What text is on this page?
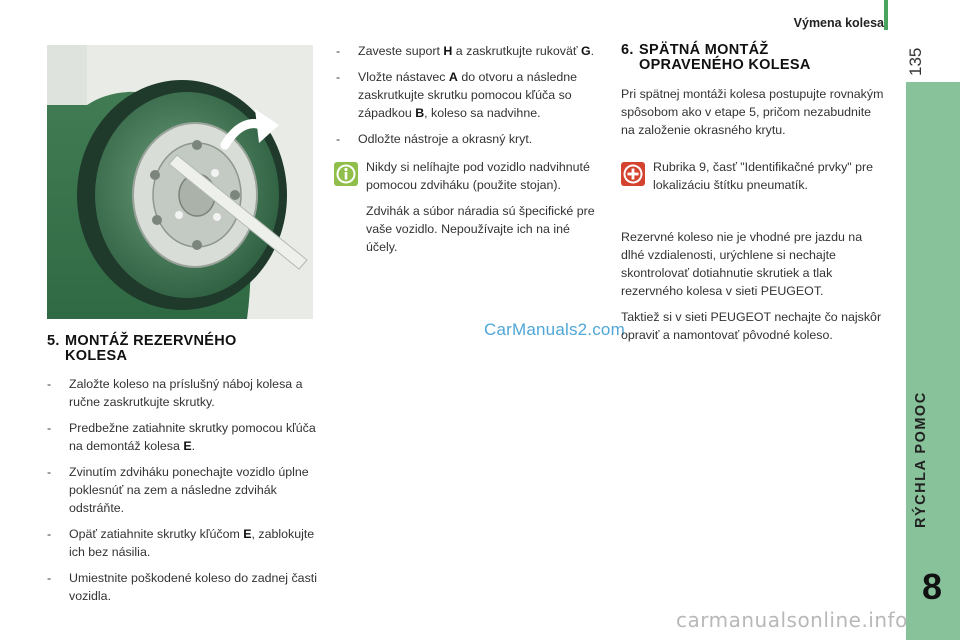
Výmena kolesa
135
RÝCHLA POMOC
8
5. MONTÁŽ REZERVNÉHO
KOLESA
- Založte koleso na príslušný náboj kolesa a ručne zaskrutkujte skrutky.
- Predbežne zatiahnite skrutky pomocou kľúča na demontáž kolesa E.
- Zvinutím zdviháku ponechajte vozidlo úplne poklesnúť na zem a následne zdvihák odstráňte.
- Opäť zatiahnite skrutky kľúčom E, zablokujte ich bez násilia.
- Umiestnite poškodené koleso do zadnej časti vozidla.
- Zaveste suport H a zaskrutkujte rukoväť G.
- Vložte nástavec A do otvoru a následne zaskrutkujte skrutku pomocou kľúča so západkou B, koleso sa nadvihne.
- Odložte nástroje a okrasný kryt.

Nikdy si nelíhajte pod vozidlo nadvihnuté pomocou zdviháku (použite stojan).

Zdvihák a súbor náradia sú špecifické pre vaše vozidlo. Nepoužívajte ich na iné účely.

CarManuals2.com
6. SPÄTNÁ MONTÁŽ
OPRAVENÉHO KOLESA

Pri spätnej montáži kolesa postupujte rovnakým spôsobom ako v etape 5, pričom nezabudnite na založenie okrasného krytu.

Rubrika 9, časť "Identifikačné prvky" pre lokalizáciu štítku pneumatík.

Rezervné koleso nie je vhodné pre jazdu na dlhé vzdialenosti, urýchlene si nechajte skontrolovať dotiahnutie skrutiek a tlak rezervného kolesa v sieti PEUGEOT.

Taktiež si v sieti PEUGEOT nechajte čo najskôr opraviť a namontovať pôvodné koleso.

carmanualsonline.info
